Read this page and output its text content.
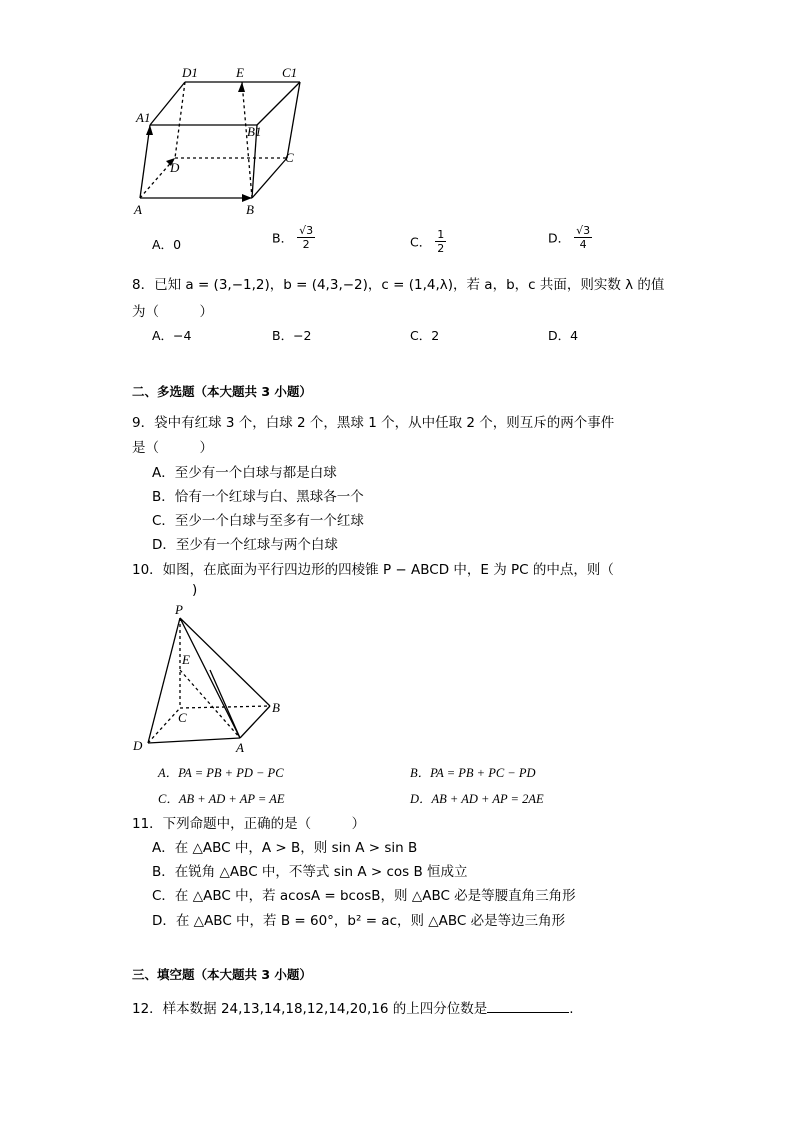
D1	E	C1
A1
B1
D
C
A	B
A．0	B． $\frac{√3}{2}$	C． $\frac{1}{2}$	D． $\frac{√3}{4}$
8．已知 a = (3,−1,2)，b = (4,3,−2)，c = (1,4,λ)，若 a，b，c 共面，则实数 λ 的值
为（　　　）
A．−4	B．−2	C．2	D．4
二、多选题（本大题共 3 小题）
9．袋中有红球 3 个，白球 2 个，黑球 1 个，从中任取 2 个，则互斥的两个事件
是（　　　）
A．至少有一个白球与都是白球
B．恰有一个红球与白、黑球各一个
C．至少一个白球与至多有一个红球
D．至少有一个红球与两个白球
10．如图，在底面为平行四边形的四棱锥 P − ABCD 中，E 为 PC 的中点，则（
)
P
E
B
C
D	A
A．PA = PB + PD − PC	B．PA = PB + PC − PD
C．AB + AD + AP = AE	D．AB + AD + AP = 2AE
11．下列命题中，正确的是（　　　）
A．在 △ABC 中，A > B，则 sin A > sin B
B．在锐角 △ABC 中，不等式 sin A > cos B 恒成立
C．在 △ABC 中，若 acosA = bcosB，则 △ABC 必是等腰直角三角形
D．在 △ABC 中，若 B = 60°，b² = ac，则 △ABC 必是等边三角形
三、填空题（本大题共 3 小题）
12．样本数据 24,13,14,18,12,14,20,16 的上四分位数是	.
